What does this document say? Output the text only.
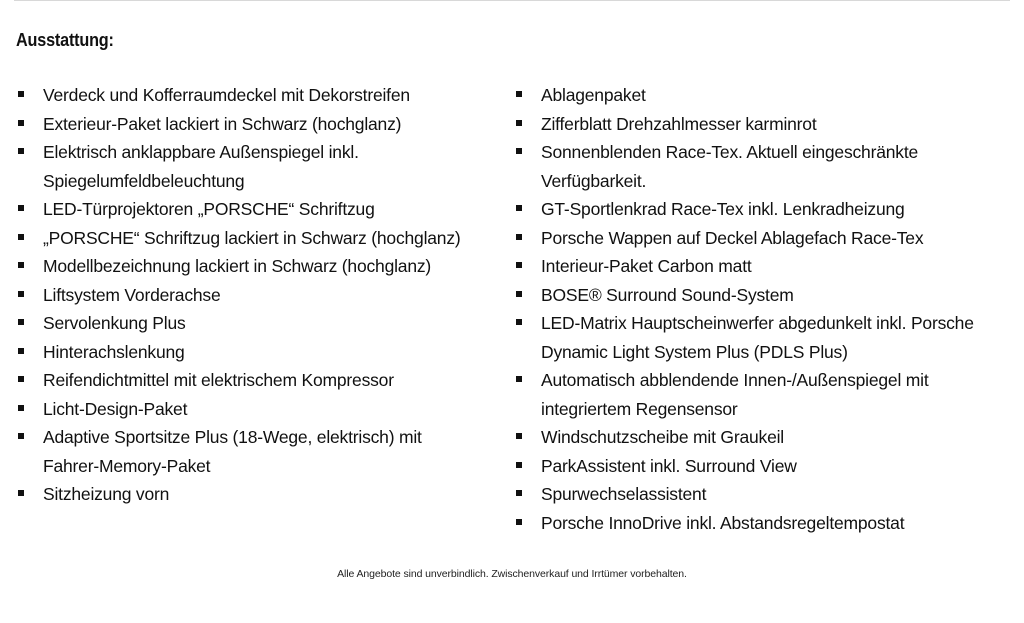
Ausstattung:
Verdeck und Kofferraumdeckel mit Dekorstreifen
Exterieur-Paket lackiert in Schwarz (hochglanz)
Elektrisch anklappbare Außenspiegel inkl. Spiegelumfeldbeleuchtung
LED-Türprojektoren „PORSCHE“ Schriftzug
„PORSCHE“ Schriftzug lackiert in Schwarz (hochglanz)
Modellbezeichnung lackiert in Schwarz (hochglanz)
Liftsystem Vorderachse
Servolenkung Plus
Hinterachslenkung
Reifendichtmittel mit elektrischem Kompressor
Licht-Design-Paket
Adaptive Sportsitze Plus (18-Wege, elektrisch) mit Fahrer-Memory-Paket
Sitzheizung vorn
Ablagenpaket
Zifferblatt Drehzahlmesser karminrot
Sonnenblenden Race-Tex. Aktuell eingeschränkte Verfügbarkeit.
GT-Sportlenkrad Race-Tex inkl. Lenkradheizung
Porsche Wappen auf Deckel Ablagefach Race-Tex
Interieur-Paket Carbon matt
BOSE® Surround Sound-System
LED-Matrix Hauptscheinwerfer abgedunkelt inkl. Porsche Dynamic Light System Plus (PDLS Plus)
Automatisch abblendende Innen-/Außenspiegel mit integriertem Regensensor
Windschutzscheibe mit Graukeil
ParkAssistent inkl. Surround View
Spurwechselassistent
Porsche InnoDrive inkl. Abstandsregeltempostat
Alle Angebote sind unverbindlich. Zwischenverkauf und Irrtümer vorbehalten.
